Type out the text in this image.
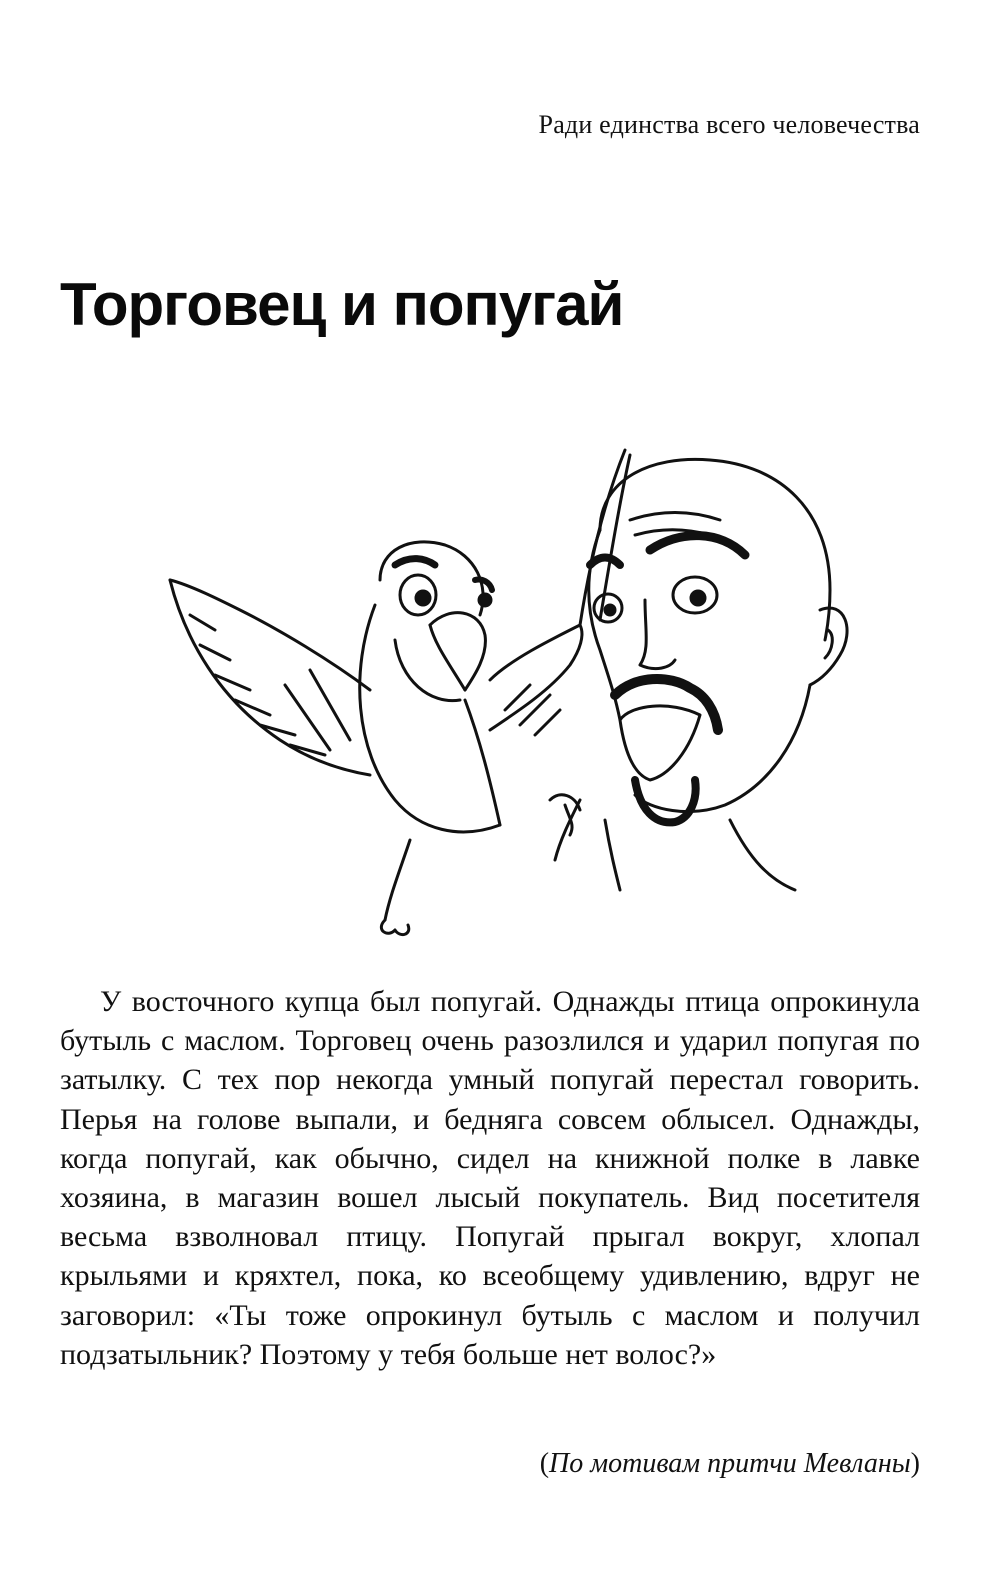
Ради единства всего человечества
Торговец и попугай

У восточного купца был попугай. Однажды птица опрокинула бутыль с маслом. Торговец очень разозлился и ударил попугая по затылку. С тех пор некогда умный попугай перестал говорить. Перья на голове выпали, и бедняга совсем облысел. Однажды, когда попугай, как обычно, сидел на книжной полке в лавке хозяина, в магазин вошел лысый покупатель. Вид посетителя весьма взволновал птицу. Попугай прыгал вокруг, хлопал крыльями и кряхтел, пока, ко всеобщему удивлению, вдруг не заговорил: «Ты тоже опрокинул бутыль с маслом и получил подзатыльник? Поэтому у тебя больше нет волос?»

(По мотивам притчи Мевланы)
